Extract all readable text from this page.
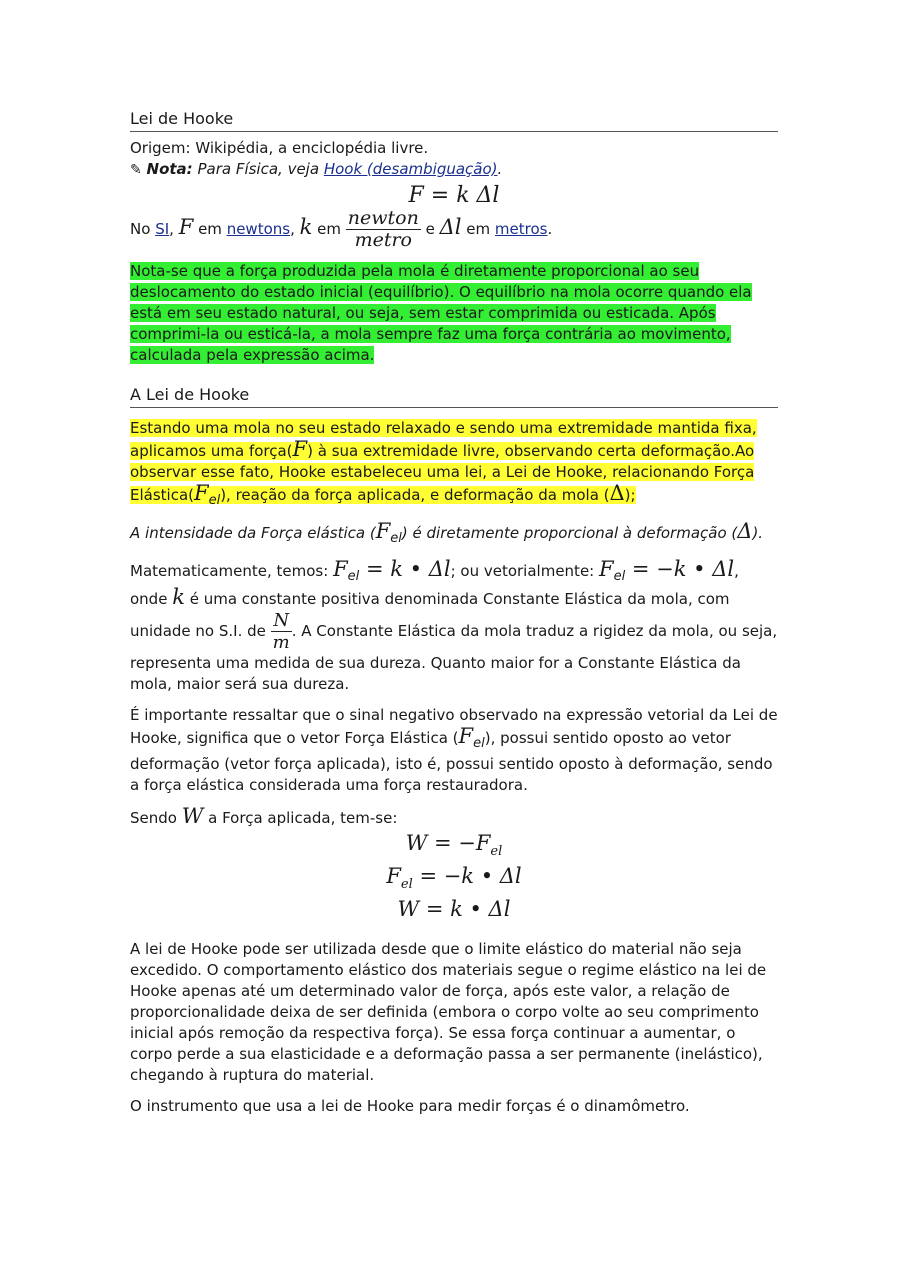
Lei de Hooke

Origem: Wikipédia, a enciclopédia livre.

✎ Nota: Para Física, veja Hook (desambiguação).

F = k Δl

No SI, F em newtons, k em $\frac{\text{newton}}{\text{metro}}$ e Δl em metros.

Nota-se que a força produzida pela mola é diretamente proporcional ao seu deslocamento do estado inicial (equilíbrio). O equilíbrio na mola ocorre quando ela está em seu estado natural, ou seja, sem estar comprimida ou esticada. Após comprimi-la ou esticá-la, a mola sempre faz uma força contrária ao movimento, calculada pela expressão acima.

A Lei de Hooke

Estando uma mola no seu estado relaxado e sendo uma extremidade mantida fixa, aplicamos uma força(F) à sua extremidade livre, observando certa deformação.Ao observar esse fato, Hooke estabeleceu uma lei, a Lei de Hooke, relacionando Força $Elástica(F_{el})$, reação da força aplicada, e deformação da mola (Δ);

A intensidade da Força elástica $(F_{el})$ é diretamente proporcional à deformação (Δ).

Matematicamente, temos: $F_{el} = k$ • Δl; ou vetorialmente: $F_{el} = -k$ • Δl, onde k é uma constante positiva denominada Constante Elástica da mola, com unidade no S.I. de $\frac{N}{m}$ . A Constante Elástica da mola traduz a rigidez da mola, ou seja, representa uma medida de sua dureza. Quanto maior for a Constante Elástica da mola, maior será sua dureza.

É importante ressaltar que o sinal negativo observado na expressão vetorial da Lei de Hooke, significa que o vetor Força Elástica $(F_{el})$, possui sentido oposto ao vetor deformação (vetor força aplicada), isto é, possui sentido oposto à deformação, sendo a força elástica considerada uma força restauradora.

Sendo W a Força aplicada, tem-se:

$W = -F_{el}$
$F_{el} = -k$ • Δl
W = k • Δl

A lei de Hooke pode ser utilizada desde que o limite elástico do material não seja excedido. O comportamento elástico dos materiais segue o regime elástico na lei de Hooke apenas até um determinado valor de força, após este valor, a relação de proporcionalidade deixa de ser definida (embora o corpo volte ao seu comprimento inicial após remoção da respectiva força). Se essa força continuar a aumentar, o corpo perde a sua elasticidade e a deformação passa a ser permanente (inelástico), chegando à ruptura do material.

O instrumento que usa a lei de Hooke para medir forças é o dinamômetro.
